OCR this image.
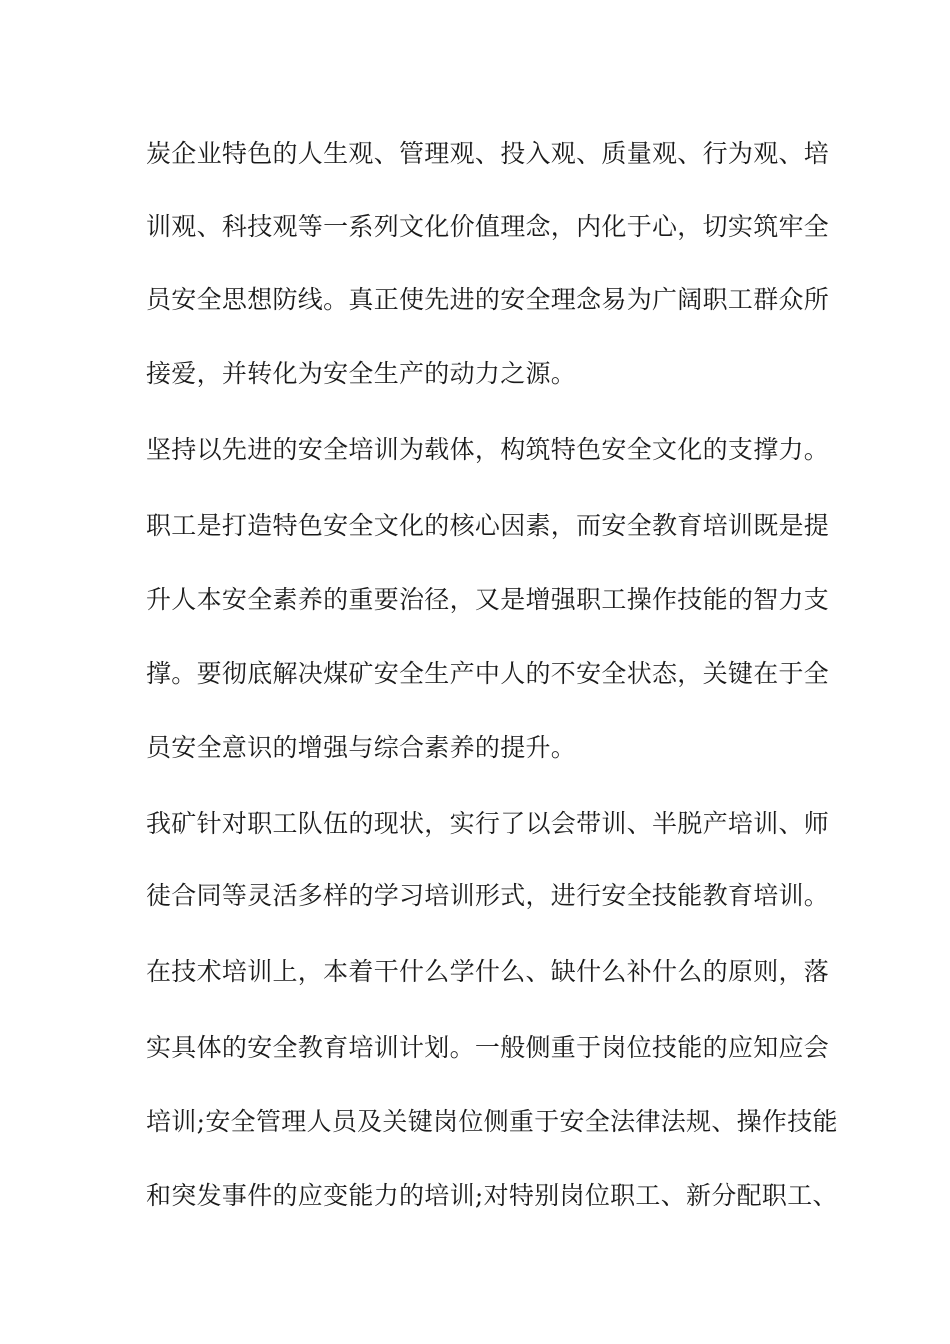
炭企业特色的人生观、管理观、投入观、质量观、行为观、培
训观、科技观等一系列文化价值理念，内化于心，切实筑牢全
员安全思想防线。真正使先进的安全理念易为广阔职工群众所
接爱，并转化为安全生产的动力之源。
坚持以先进的安全培训为载体，构筑特色安全文化的支撑力。
职工是打造特色安全文化的核心因素，而安全教育培训既是提
升人本安全素养的重要治径，又是增强职工操作技能的智力支
撑。要彻底解决煤矿安全生产中人的不安全状态，关键在于全
员安全意识的增强与综合素养的提升。
我矿针对职工队伍的现状，实行了以会带训、半脱产培训、师
徒合同等灵活多样的学习培训形式，进行安全技能教育培训。
在技术培训上，本着干什么学什么、缺什么补什么的原则，落
实具体的安全教育培训计划。一般侧重于岗位技能的应知应会
培训;安全管理人员及关键岗位侧重于安全法律法规、操作技能
和突发事件的应变能力的培训;对特别岗位职工、新分配职工、
